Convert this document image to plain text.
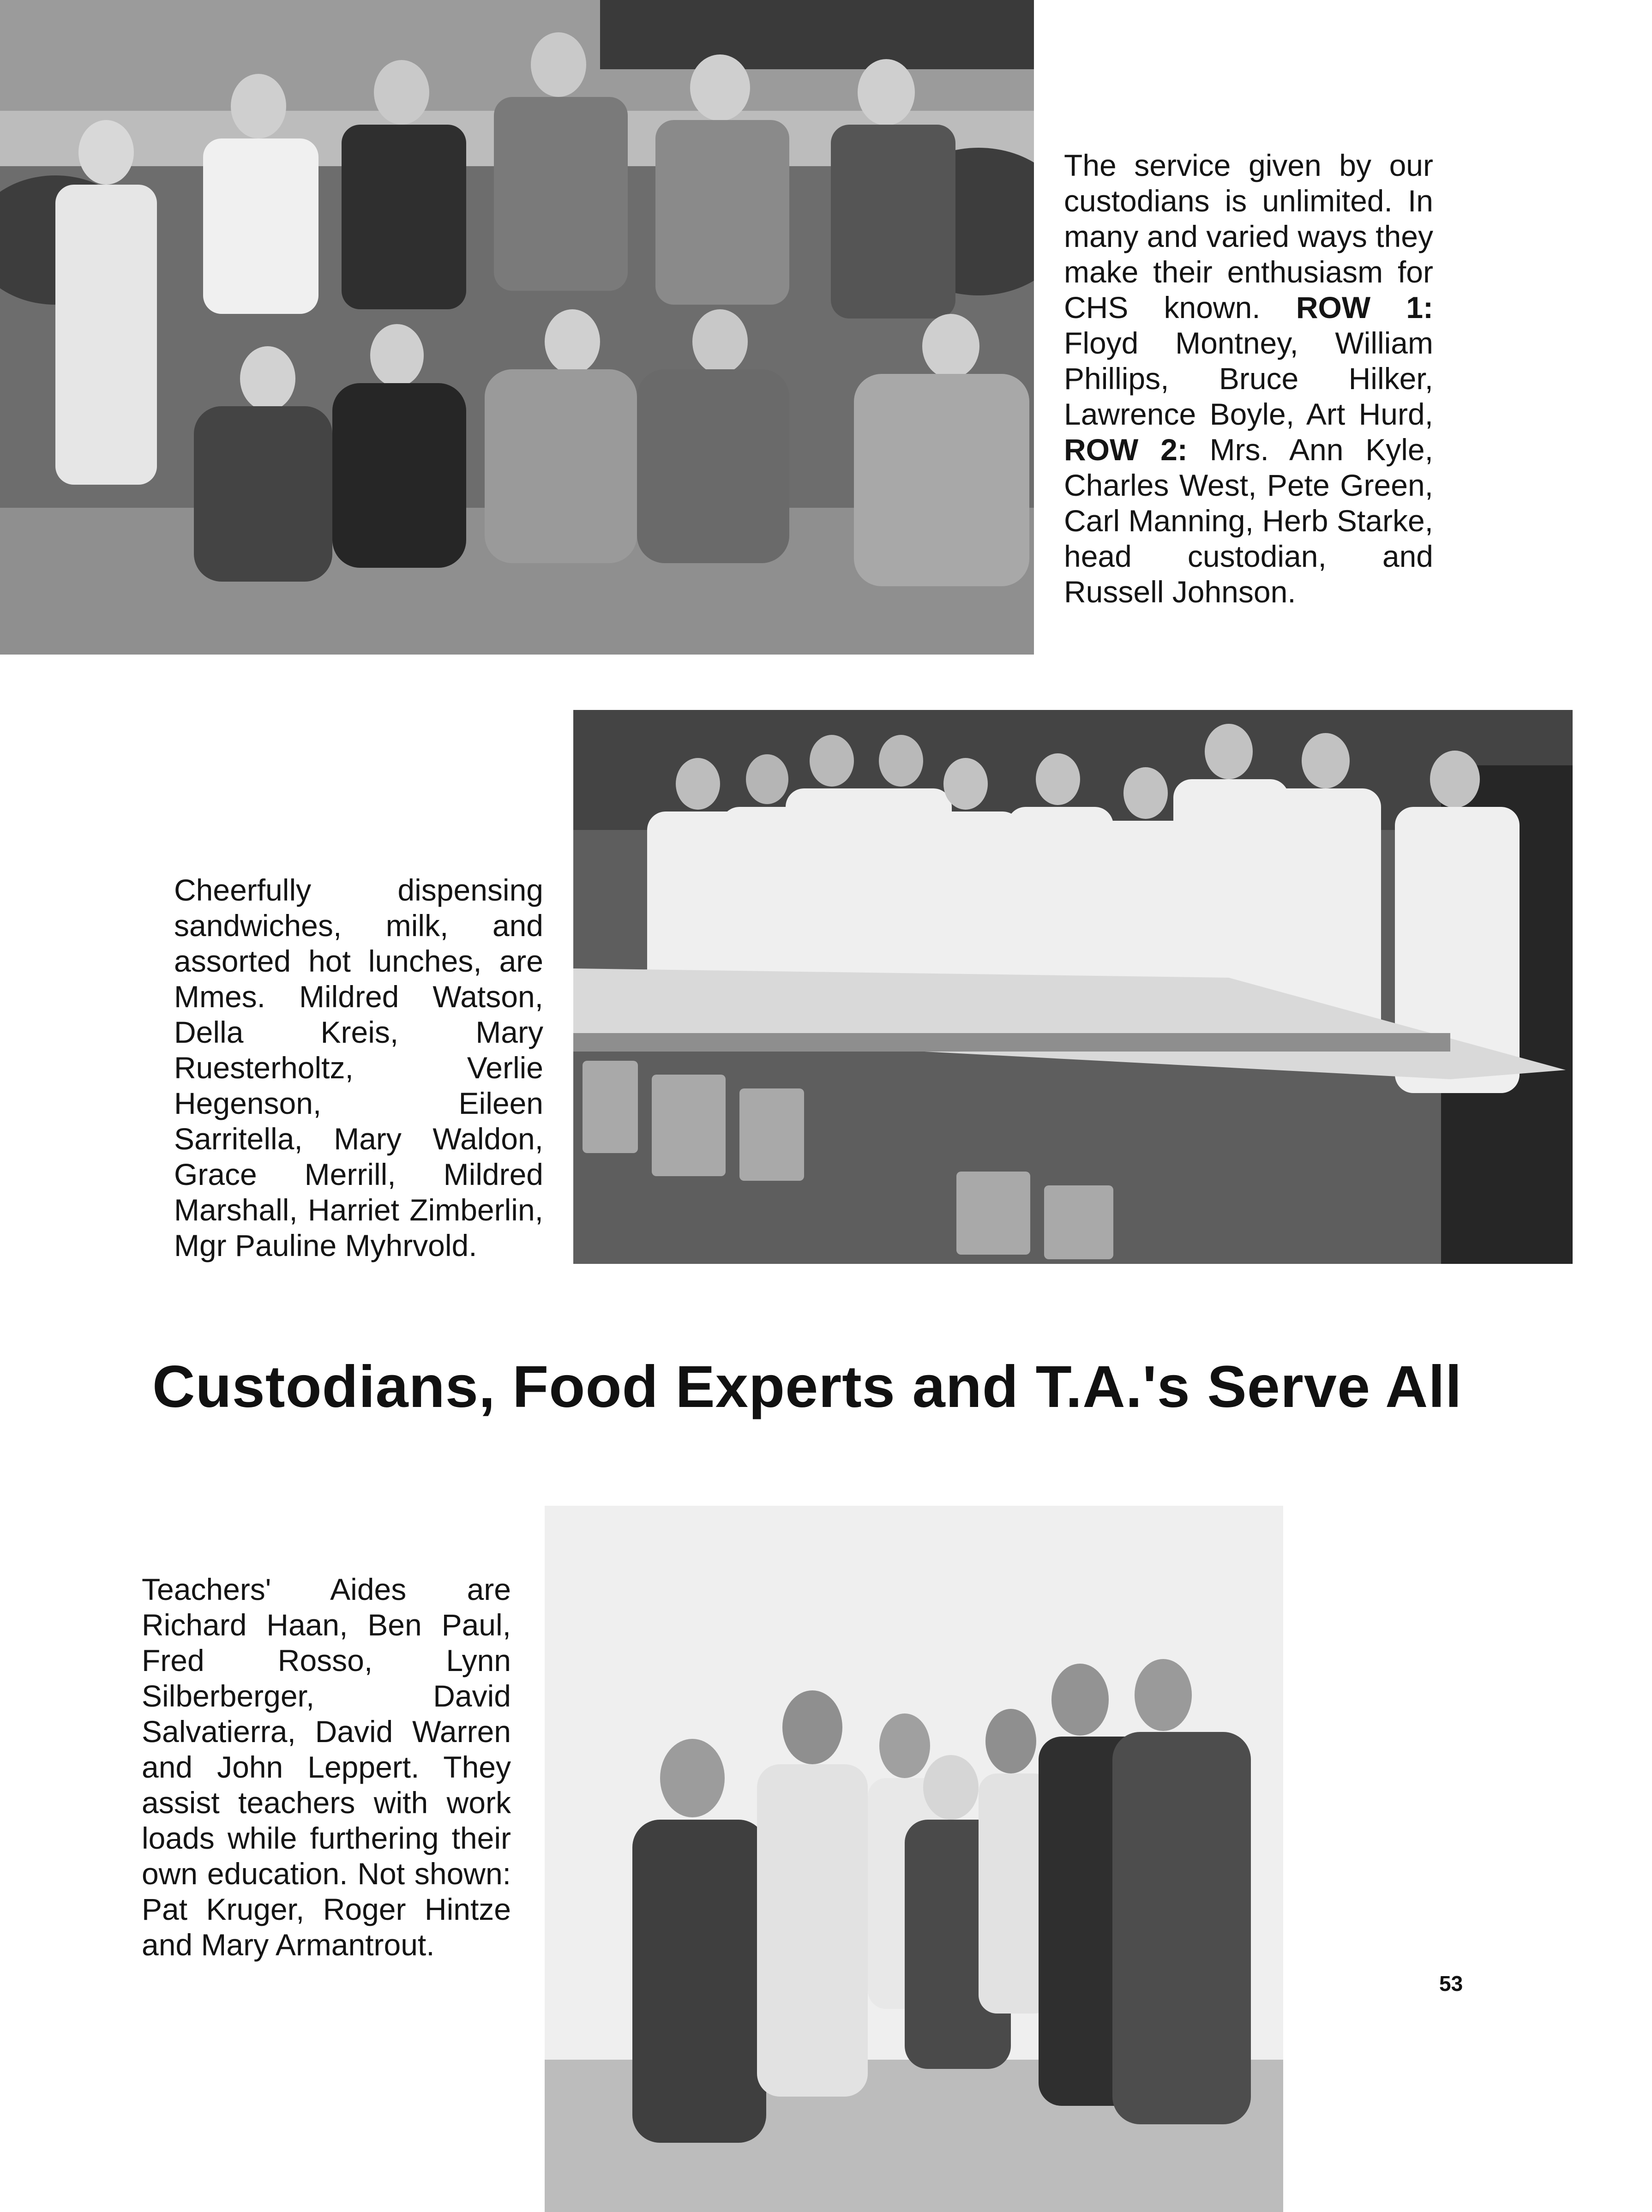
The service given by our custodians is unlimited. In many and varied ways they make their enthusiasm for CHS known. ROW 1: Floyd Montney, William Phillips, Bruce Hilker, Lawrence Boyle, Art Hurd, ROW 2: Mrs. Ann Kyle, Charles West, Pete Green, Carl Manning, Herb Starke, head custodian, and Russell Johnson.

Cheerfully dispensing sandwiches, milk, and assorted hot lunches, are Mmes. Mildred Watson, Della Kreis, Mary Ruesterholtz, Verlie Hegenson, Eileen Sarritella, Mary Waldon, Grace Merrill, Mildred Marshall, Harriet Zimberlin, Mgr Pauline Myhrvold.

Custodians, Food Experts and T.A.'s Serve All

Teachers' Aides are Richard Haan, Ben Paul, Fred Rosso, Lynn Silberberger, David Salvatierra, David Warren and John Leppert. They assist teachers with work loads while furthering their own education. Not shown: Pat Kruger, Roger Hintze and Mary Armantrout.

53
